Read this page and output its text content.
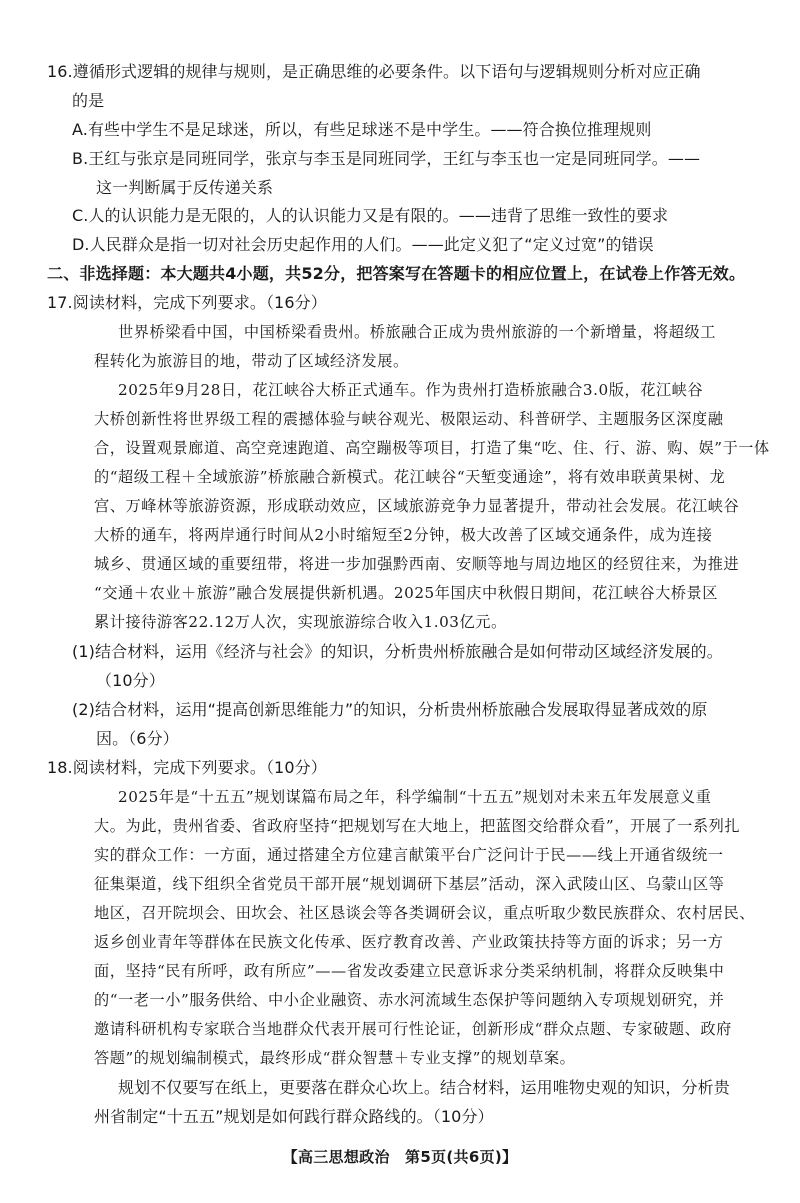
16.遵循形式逻辑的规律与规则，是正确思维的必要条件。以下语句与逻辑规则分析对应正确
的是
A.有些中学生不是足球迷，所以，有些足球迷不是中学生。——符合换位推理规则
B.王红与张京是同班同学，张京与李玉是同班同学，王红与李玉也一定是同班同学。——
这一判断属于反传递关系
C.人的认识能力是无限的，人的认识能力又是有限的。——违背了思维一致性的要求
D.人民群众是指一切对社会历史起作用的人们。——此定义犯了“定义过宽”的错误
二、非选择题：本大题共4小题，共52分，把答案写在答题卡的相应位置上，在试卷上作答无效。
17.阅读材料，完成下列要求。（16分）
世界桥梁看中国，中国桥梁看贵州。桥旅融合正成为贵州旅游的一个新增量，将超级工
程转化为旅游目的地，带动了区域经济发展。
2025年9月28日，花江峡谷大桥正式通车。作为贵州打造桥旅融合3.0版，花江峡谷
大桥创新性将世界级工程的震撼体验与峡谷观光、极限运动、科普研学、主题服务区深度融
合，设置观景廊道、高空竞速跑道、高空蹦极等项目，打造了集“吃、住、行、游、购、娱”于一体
的“超级工程＋全域旅游”桥旅融合新模式。花江峡谷“天堑变通途”，将有效串联黄果树、龙
宫、万峰林等旅游资源，形成联动效应，区域旅游竞争力显著提升，带动社会发展。花江峡谷
大桥的通车，将两岸通行时间从2小时缩短至2分钟，极大改善了区域交通条件，成为连接
城乡、贯通区域的重要纽带，将进一步加强黔西南、安顺等地与周边地区的经贸往来，为推进
“交通＋农业＋旅游”融合发展提供新机遇。2025年国庆中秋假日期间，花江峡谷大桥景区
累计接待游客22.12万人次，实现旅游综合收入1.03亿元。
(1)结合材料，运用《经济与社会》的知识，分析贵州桥旅融合是如何带动区域经济发展的。
（10分）
(2)结合材料，运用“提高创新思维能力”的知识，分析贵州桥旅融合发展取得显著成效的原
因。（6分）
18.阅读材料，完成下列要求。（10分）
2025年是“十五五”规划谋篇布局之年，科学编制“十五五”规划对未来五年发展意义重
大。为此，贵州省委、省政府坚持“把规划写在大地上，把蓝图交给群众看”，开展了一系列扎
实的群众工作：一方面，通过搭建全方位建言献策平台广泛问计于民——线上开通省级统一
征集渠道，线下组织全省党员干部开展“规划调研下基层”活动，深入武陵山区、乌蒙山区等
地区，召开院坝会、田坎会、社区恳谈会等各类调研会议，重点听取少数民族群众、农村居民、
返乡创业青年等群体在民族文化传承、医疗教育改善、产业政策扶持等方面的诉求；另一方
面，坚持“民有所呼，政有所应”——省发改委建立民意诉求分类采纳机制，将群众反映集中
的“一老一小”服务供给、中小企业融资、赤水河流域生态保护等问题纳入专项规划研究，并
邀请科研机构专家联合当地群众代表开展可行性论证，创新形成“群众点题、专家破题、政府
答题”的规划编制模式，最终形成“群众智慧＋专业支撑”的规划草案。
规划不仅要写在纸上，更要落在群众心坎上。结合材料，运用唯物史观的知识，分析贵
州省制定“十五五”规划是如何践行群众路线的。（10分）
【高三思想政治　第5页(共6页)】
